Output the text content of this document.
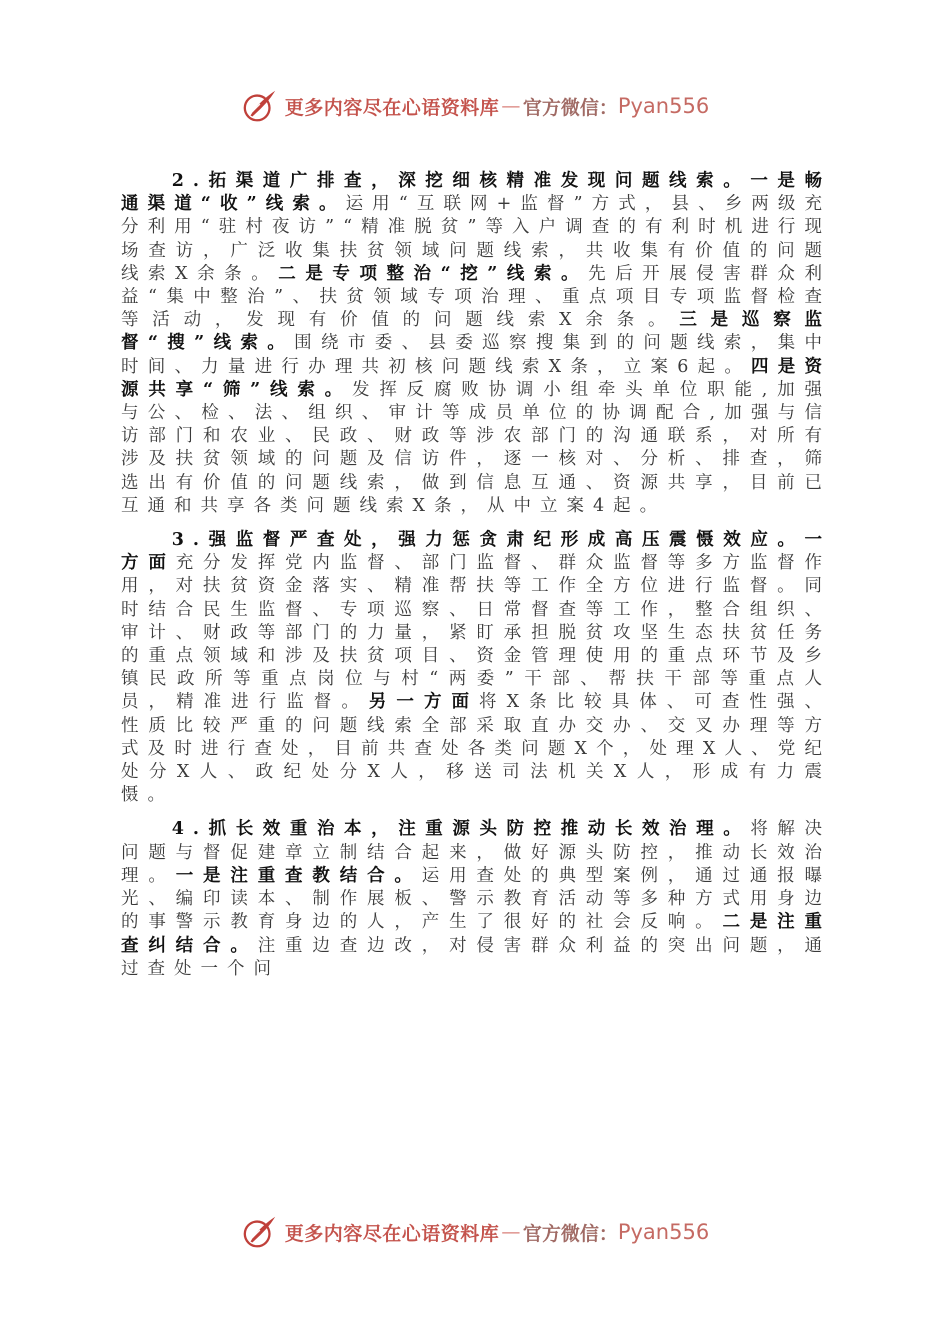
更多内容尽在心语资料库 — 官方微信： Pyan556

2.拓渠道广排查，深挖细核精准发现问题线索。一是畅通渠道“收”线索。运用“互联网+监督”方式，县、乡两级充分利用“驻村夜访”“精准脱贫”等入户调查的有利时机进行现场查访，广泛收集扶贫领域问题线索，共收集有价值的问题线索X余条。二是专项整治“挖”线索。先后开展侵害群众利益“集中整治”、扶贫领域专项治理、重点项目专项监督检查等活动，发现有价值的问题线索X余条。三是巡察监督“搜”线索。围绕市委、县委巡察搜集到的问题线索，集中时间、力量进行办理共初核问题线索X条，立案6起。四是资源共享“筛”线索。发挥反腐败协调小组牵头单位职能,加强与公、检、法、组织、审计等成员单位的协调配合,加强与信访部门和农业、民政、财政等涉农部门的沟通联系，对所有涉及扶贫领域的问题及信访件，逐一核对、分析、排查，筛选出有价值的问题线索，做到信息互通、资源共享，目前已互通和共享各类问题线索X条，从中立案4起。

3.强监督严查处，强力惩贪肃纪形成高压震慑效应。一方面充分发挥党内监督、部门监督、群众监督等多方监督作用，对扶贫资金落实、精准帮扶等工作全方位进行监督。同时结合民生监督、专项巡察、日常督查等工作，整合组织、审计、财政等部门的力量，紧盯承担脱贫攻坚生态扶贫任务的重点领域和涉及扶贫项目、资金管理使用的重点环节及乡镇民政所等重点岗位与村“两委”干部、帮扶干部等重点人员，精准进行监督。另一方面将X条比较具体、可查性强、性质比较严重的问题线索全部采取直办交办、交叉办理等方式及时进行查处，目前共查处各类问题X个，处理X人、党纪处分X人、政纪处分X人，移送司法机关X人，形成有力震慑。

4.抓长效重治本，注重源头防控推动长效治理。将解决问题与督促建章立制结合起来，做好源头防控，推动长效治理。一是注重查教结合。运用查处的典型案例，通过通报曝光、编印读本、制作展板、警示教育活动等多种方式用身边的事警示教育身边的人，产生了很好的社会反响。二是注重查纠结合。注重边查边改，对侵害群众利益的突出问题，通过查处一个问

更多内容尽在心语资料库 — 官方微信： Pyan556
